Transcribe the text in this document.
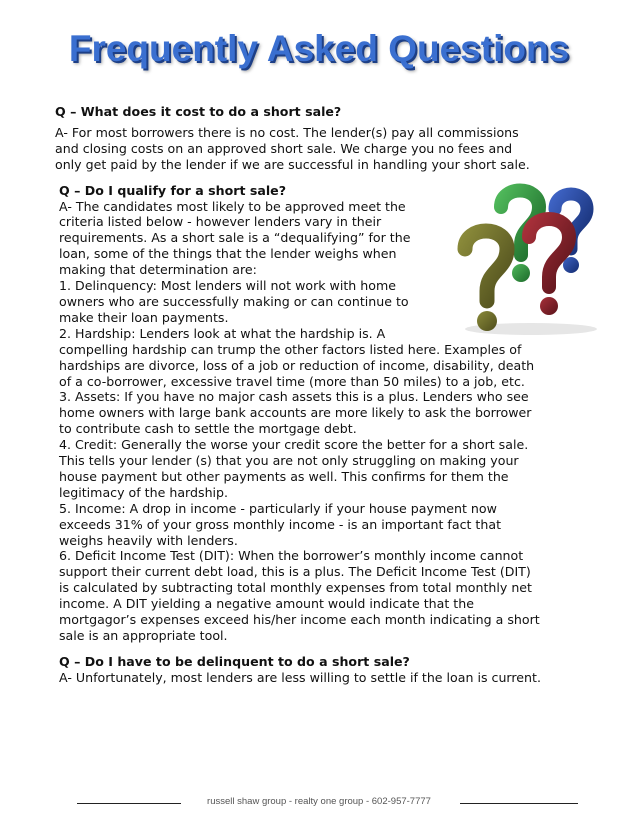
Frequently Asked Questions
Q – What does it cost to do a short sale?
A- For most borrowers there is no cost. The lender(s) pay all commissions
and closing costs on an approved short sale. We charge you no fees and
only get paid by the lender if we are successful in handling your short sale.
Q – Do I qualify for a short sale?
A- The candidates most likely to be approved meet the
criteria listed below - however lenders vary in their
requirements. As a short sale is a “dequalifying” for the
loan, some of the things that the lender weighs when
making that determination are:
1. Delinquency: Most lenders will not work with home
owners who are successfully making or can continue to
make their loan payments.
2. Hardship: Lenders look at what the hardship is. A
compelling hardship can trump the other factors listed here. Examples of
hardships are divorce, loss of a job or reduction of income, disability, death
of a co-borrower, excessive travel time (more than 50 miles) to a job, etc.
3. Assets: If you have no major cash assets this is a plus. Lenders who see
home owners with large bank accounts are more likely to ask the borrower
to contribute cash to settle the mortgage debt.
4. Credit: Generally the worse your credit score the better for a short sale.
This tells your lender (s) that you are not only struggling on making your
house payment but other payments as well. This confirms for them the
legitimacy of the hardship.
5. Income: A drop in income - particularly if your house payment now
exceeds 31% of your gross monthly income - is an important fact that
weighs heavily with lenders.
6. Deficit Income Test (DIT): When the borrower’s monthly income cannot
support their current debt load, this is a plus. The Deficit Income Test (DIT)
is calculated by subtracting total monthly expenses from total monthly net
income. A DIT yielding a negative amount would indicate that the
mortgagor’s expenses exceed his/her income each month indicating a short
sale is an appropriate tool.
Q – Do I have to be delinquent to do a short sale?
A- Unfortunately, most lenders are less willing to settle if the loan is current.
russell shaw group - realty one group - 602-957-7777
